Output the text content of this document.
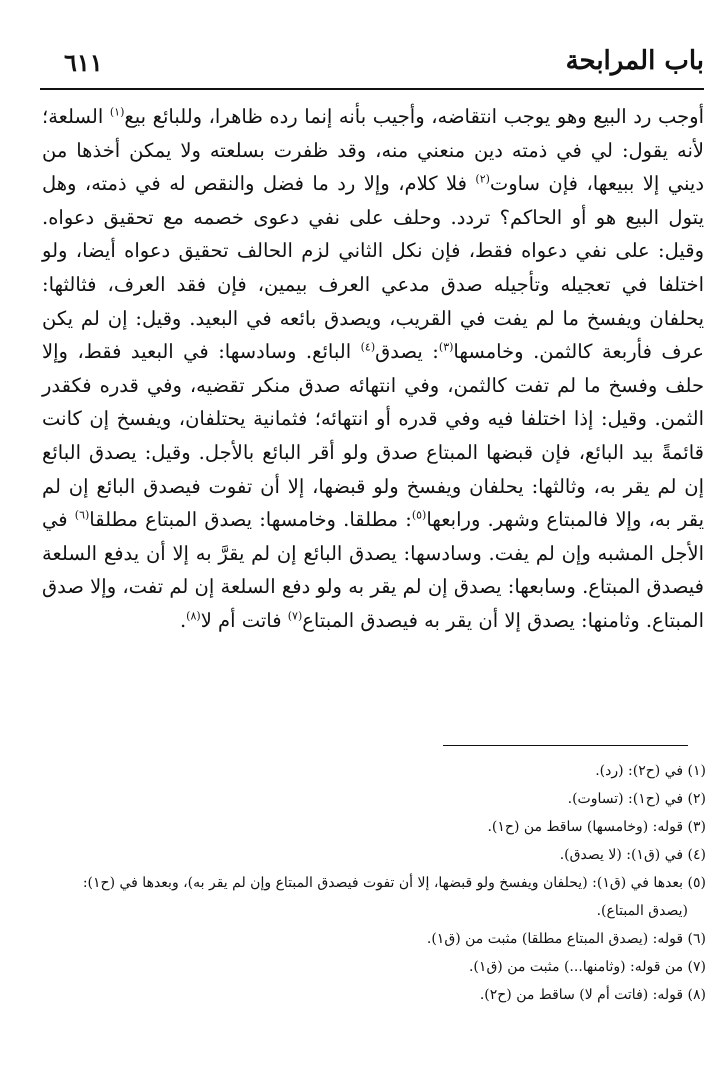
٦١١	باب المرابحة

أوجب رد البيع وهو يوجب انتقاضه، وأجيب بأنه إنما رده ظاهرا، وللبائع بيع$^{(١)}$ السلعة؛ لأنه يقول: لي في ذمته دين منعني منه، وقد ظفرت بسلعته ولا يمكن أخذها من ديني إلا ببيعها، فإن ساوت$^{(٢)}$ فلا كلام، وإلا رد ما فضل والنقص له في ذمته، وهل يتول البيع هو أو الحاكم؟ تردد. وحلف على نفي دعوى خصمه مع تحقيق دعواه. وقيل: على نفي دعواه فقط، فإن نكل الثاني لزم الحالف تحقيق دعواه أيضا، ولو اختلفا في تعجيله وتأجيله صدق مدعي العرف بيمين، فإن فقد العرف، فثالثها: يحلفان ويفسخ ما لم يفت في القريب، ويصدق بائعه في البعيد. وقيل: إن لم يكن عرف فأربعة كالثمن. وخامسها$^{(٣)}$: يصدق$^{(٤)}$ البائع. وسادسها: في البعيد فقط، وإلا حلف وفسخ ما لم تفت كالثمن، وفي انتهائه صدق منكر تقضيه، وفي قدره فكقدر الثمن. وقيل: إذا اختلفا فيه وفي قدره أو انتهائه؛ فثمانية يحتلفان، ويفسخ إن كانت قائمةً بيد البائع، فإن قبضها المبتاع صدق ولو أقر البائع بالأجل. وقيل: يصدق البائع إن لم يقر به، وثالثها: يحلفان ويفسخ ولو قبضها، إلا أن تفوت فيصدق البائع إن لم يقر به، وإلا فالمبتاع وشهر. ورابعها$^{(٥)}$: مطلقا. وخامسها: يصدق المبتاع مطلقا$^{(٦)}$ في الأجل المشبه وإن لم يفت. وسادسها: يصدق البائع إن لم يقرَّ به إلا أن يدفع السلعة فيصدق المبتاع. وسابعها: يصدق إن لم يقر به ولو دفع السلعة إن لم تفت، وإلا صدق المبتاع. وثامنها: يصدق إلا أن يقر به فيصدق المبتاع$^{(٧)}$ فاتت أم لا$^{(٨)}$.

(١) في (ح٢): (رد).

(٢) في (ح١): (تساوت).

(٣) قوله: (وخامسها) ساقط من (ح١).

(٤) في (ق١): (لا يصدق).

(٥) بعدها في (ق١): (يحلفان ويفسخ ولو قبضها، إلا أن تفوت فيصدق المبتاع وإن لم يقر به)، وبعدها في (ح١): (يصدق المبتاع).

(٦) قوله: (يصدق المبتاع مطلقا) مثبت من (ق١).

(٧) من قوله: (وثامنها...) مثبت من (ق١).

(٨) قوله: (فاتت أم لا) ساقط من (ح٢).
